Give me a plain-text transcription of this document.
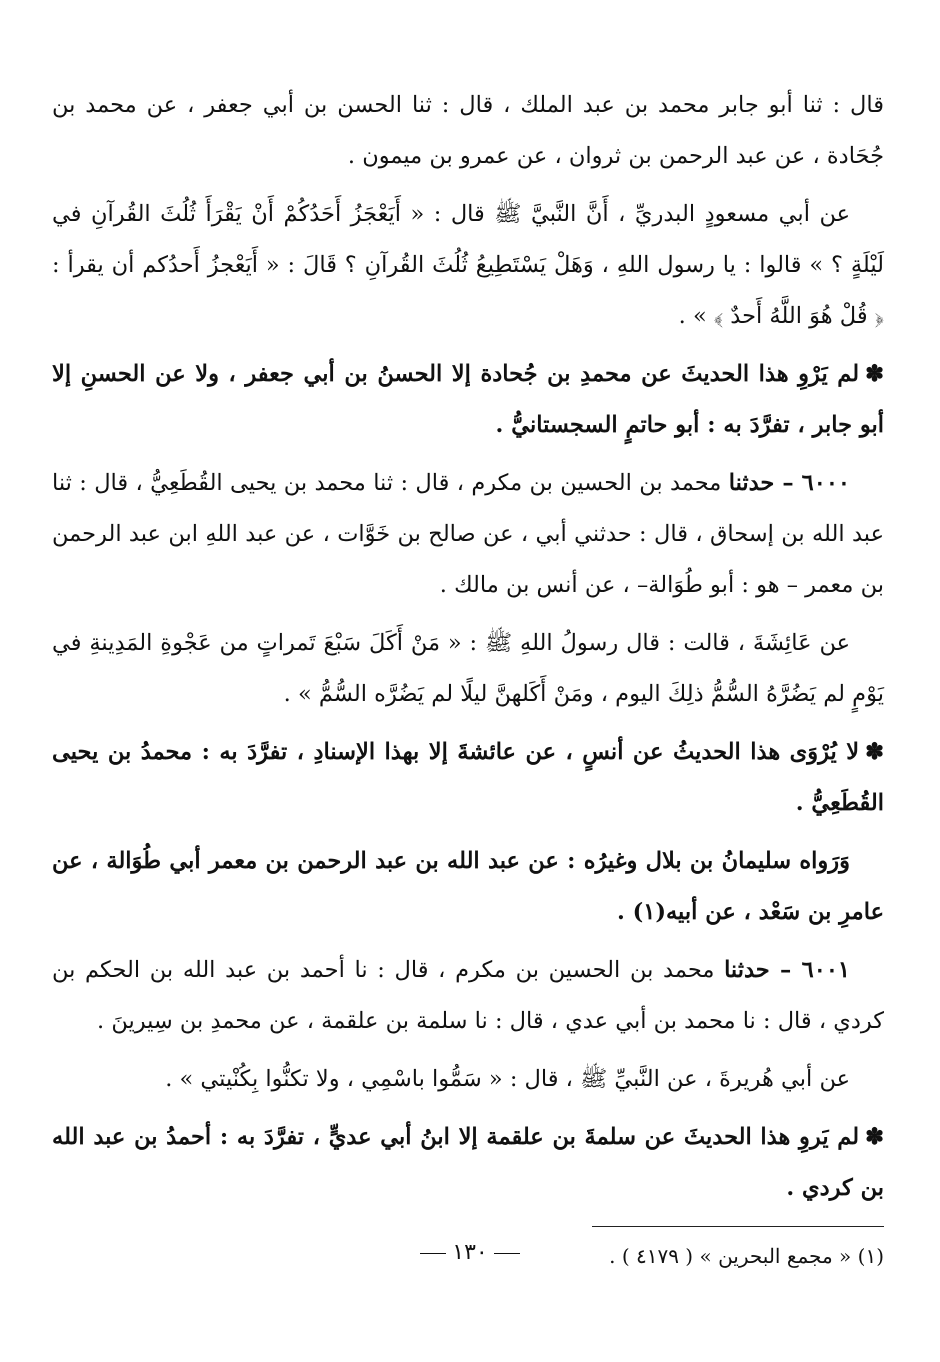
قال : ثنا أبو جابر محمد بن عبد الملك ، قال : ثنا الحسن بن أبي جعفر ، عن محمد بن جُحَادة ، عن عبد الرحمن بن ثروان ، عن عمرو بن ميمون .

عن أبي مسعودٍ البدريِّ ، أَنَّ النَّبيَّ ﷺ قال : « أَيَعْجَزُ أَحَدُكُمْ أَنْ يَقْرَأَ ثُلُثَ القُرآنِ في لَيْلَةٍ ؟ » قالوا : يا رسول اللهِ ، وَهَلْ يَسْتَطِيعُ ثُلُثَ القُرآنِ ؟ قَالَ : « أَيَعْجزُ أَحدُكم أن يقرأ : ﴿ قُلْ هُوَ اللَّهُ أَحدٌ ﴾ » .

✽لم يَرْوِ هذا الحديثَ عن محمدِ بن جُحادة إلا الحسنُ بن أبي جعفر ، ولا عن الحسنِ إلا أبو جابر ، تفرَّدَ به : أبو حاتمٍ السجستانيُّ .

٦٠٠٠ – حدثنا محمد بن الحسين بن مكرم ، قال : ثنا محمد بن يحيى القُطَعِيُّ ، قال : ثنا عبد الله بن إسحاق ، قال : حدثني أبي ، عن صالح بن خَوَّات ، عن عبد اللهِ ابن عبد الرحمن بن معمر – هو : أبو طُوَالة– ، عن أنس بن مالك .

عن عَائِشَةَ ، قالت : قال رسولُ اللهِ ﷺ : « مَنْ أَكَلَ سَبْعَ تَمراتٍ من عَجْوةِ المَدِينةِ في يَوْمٍ لم يَضُرَّهُ السُّمُّ ذلِكَ اليوم ، ومَنْ أَكَلهنَّ ليلًا لم يَضُرَّه السُّمُّ » .

✽لا يُرْوَى هذا الحديثُ عن أنسٍ ، عن عائشةَ إلا بهذا الإسنادِ ، تفرَّدَ به : محمدُ بن يحيى القُطَعِيُّ .

وَرَواه سليمانُ بن بلال وغيرُه : عن عبد الله بن عبد الرحمن بن معمر أبي طُوَالة ، عن عامرِ بن سَعْد ، عن أبيه(١) .

٦٠٠١ – حدثنا محمد بن الحسين بن مكرم ، قال : نا أحمد بن عبد الله بن الحكم بن كردي ، قال : نا محمد بن أبي عدي ، قال : نا سلمة بن علقمة ، عن محمدِ بن سِيرينَ .

عن أبي هُريرةَ ، عن النَّبيِّ ﷺ ، قال : « سَمُّوا باسْمِي ، ولا تكنُّوا بِكُنْيتي » .

✽لم يَروِ هذا الحديثَ عن سلمةَ بن علقمة إلا ابنُ أبي عديٍّ ، تفرَّدَ به : أحمدُ بن عبد الله بن كردي .

(١) « مجمع البحرين » ( ٤١٧٩ ) .
١٣٠
